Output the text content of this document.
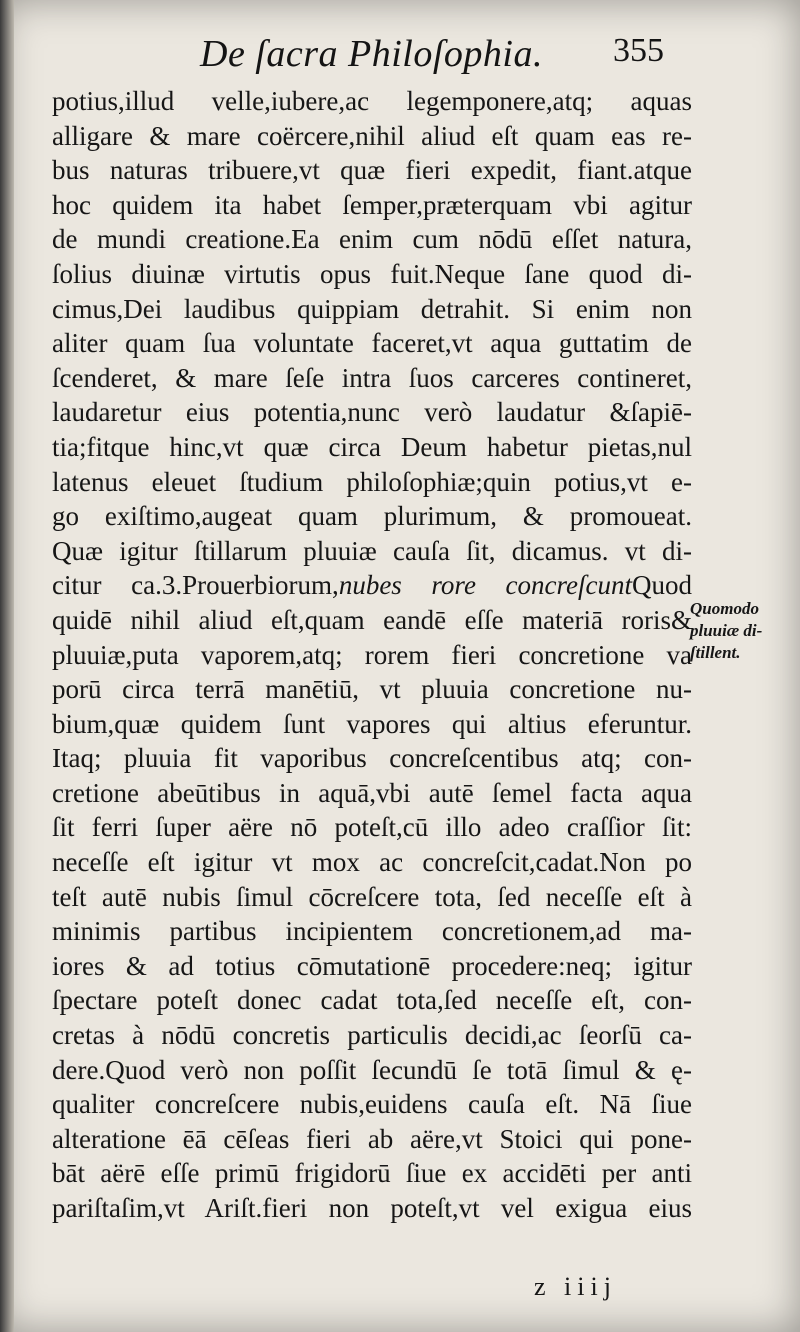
De ſacra Philoſophia. 355
potius,illud velle,iubere,ac legemponere,atq; aquas
alligare & mare coërcere,nihil aliud eſt quam eas re-
bus naturas tribuere,vt quæ fieri expedit, fiant.atque
hoc quidem ita habet ſemper,præterquam vbi agitur
de mundi creatione.Ea enim cum nōdū eſſet natura,
ſolius diuinæ virtutis opus fuit.Neque ſane quod di-
cimus,Dei laudibus quippiam detrahit. Si enim non
aliter quam ſua voluntate faceret,vt aqua guttatim de
ſcenderet, & mare ſeſe intra ſuos carceres contineret,
laudaretur eius potentia,nunc verò laudatur &ſapiē-
tia;fitque hinc,vt quæ circa Deum habetur pietas,nul
latenus eleuet ſtudium philoſophiæ;quin potius,vt e-
go exiſtimo,augeat quam plurimum, & promoueat.
Quæ igitur ſtillarum pluuiæ cauſa ſit, dicamus. vt di-
citur ca.3.Prouerbiorum,nubes rore concreſcuntQuod
quidē nihil aliud eſt,quam eandē eſſe materiā roris&
pluuiæ,puta vaporem,atq; rorem fieri concretione va
porū circa terrā manētiū, vt pluuia concretione nu-
bium,quæ quidem ſunt vapores qui altius eferuntur.
Itaq; pluuia fit vaporibus concreſcentibus atq; con-
cretione abeūtibus in aquā,vbi autē ſemel facta aqua
ſit ferri ſuper aëre nō poteſt,cū illo adeo craſſior ſit:
neceſſe eſt igitur vt mox ac concreſcit,cadat.Non po
teſt autē nubis ſimul cōcreſcere tota, ſed neceſſe eſt à
minimis partibus incipientem concretionem,ad ma-
iores & ad totius cōmutationē procedere:neq; igitur
ſpectare poteſt donec cadat tota,ſed neceſſe eſt, con-
cretas à nōdū concretis particulis decidi,ac ſeorſū ca-
dere.Quod verò non poſſit ſecundū ſe totā ſimul & ę-
qualiter concreſcere nubis,euidens cauſa eſt. Nā ſiue
alteratione ēā cēſeas fieri ab aëre,vt Stoici qui pone-
bāt aërē eſſe primū frigidorū ſiue ex accidēti per anti
pariſtaſim,vt Ariſt.fieri non poteſt,vt vel exigua eius
Quomodo
pluuiæ di-
ſtillent.
z iiij
